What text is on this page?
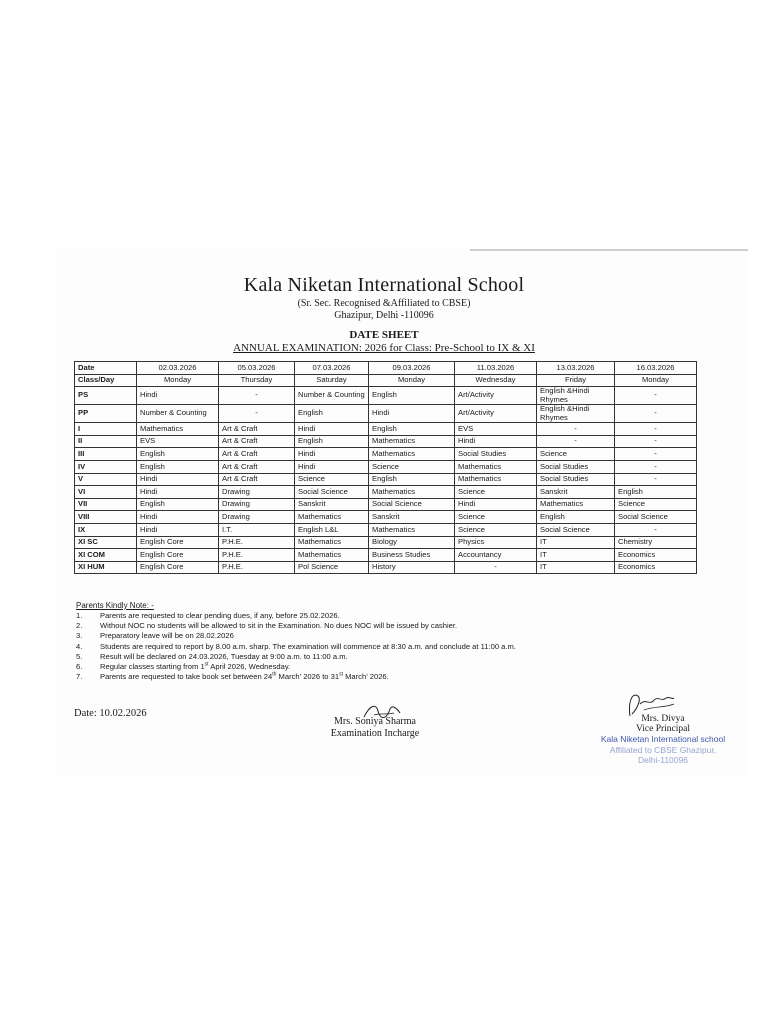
Kala Niketan International School
(Sr. Sec. Recognised &Affiliated to CBSE)
Ghazipur, Delhi -110096
DATE SHEET
ANNUAL EXAMINATION: 2026 for Class: Pre-School to IX & XI
Date	02.03.2026	05.03.2026	07.03.2026	09.03.2026	11.03.2026	13.03.2026	16.03.2026
Class/Day	Monday	Thursday	Saturday	Monday	Wednesday	Friday	Monday
PS	Hindi	-	Number & Counting	English	Art/Activity	English &Hindi Rhymes	-
PP	Number & Counting	-	English	Hindi	Art/Activity	English &Hindi Rhymes	-
I	Mathematics	Art & Craft	Hindi	English	EVS	-	-
II	EVS	Art & Craft	English	Mathematics	Hindi	-	-
III	English	Art & Craft	Hindi	Mathematics	Social Studies	Science	-
IV	English	Art & Craft	Hindi	Science	Mathematics	Social Studies	-
V	Hindi	Art & Craft	Science	English	Mathematics	Social Studies	-
VI	Hindi	Drawing	Social Science	Mathematics	Science	Sanskrit	English
VII	English	Drawing	Sanskrit	Social Science	Hindi	Mathematics	Science
VIII	Hindi	Drawing	Mathematics	Sanskrit	Science	English	Social Science
IX	Hindi	I.T.	English L&L	Mathematics	Science	Social Science	-
XI SC	English Core	P.H.E.	Mathematics	Biology	Physics	IT	Chemistry
XI COM	English Core	P.H.E.	Mathematics	Business Studies	Accountancy	IT	Economics
XI HUM	English Core	P.H.E.	Pol Science	History	-	IT	Economics
Parents Kindly Note: -
1.	Parents are requested to clear pending dues, if any, before 25.02.2026.
2.	Without NOC no students will be allowed to sit in the Examination. No dues NOC will be issued by cashier.
3.	Preparatory leave will be on 28.02.2026
4.	Students are required to report by 8.00 a.m. sharp. The examination will commence at 8:30 a.m. and conclude at 11:00 a.m.
5.	Result will be declared on 24.03.2026, Tuesday at 9:00 a.m. to 11:00 a.m.
6.	Regular classes starting from 1st April 2026, Wednesday.
7.	Parents are requested to take book set between 24th March' 2026 to 31st March' 2026.
Date: 10.02.2026
Mrs. Soniya Sharma
Examination Incharge
Mrs. Divya
Vice Principal
Kala Niketan International school
Affiliated to CBSE Ghazipur,
Delhi-110096
